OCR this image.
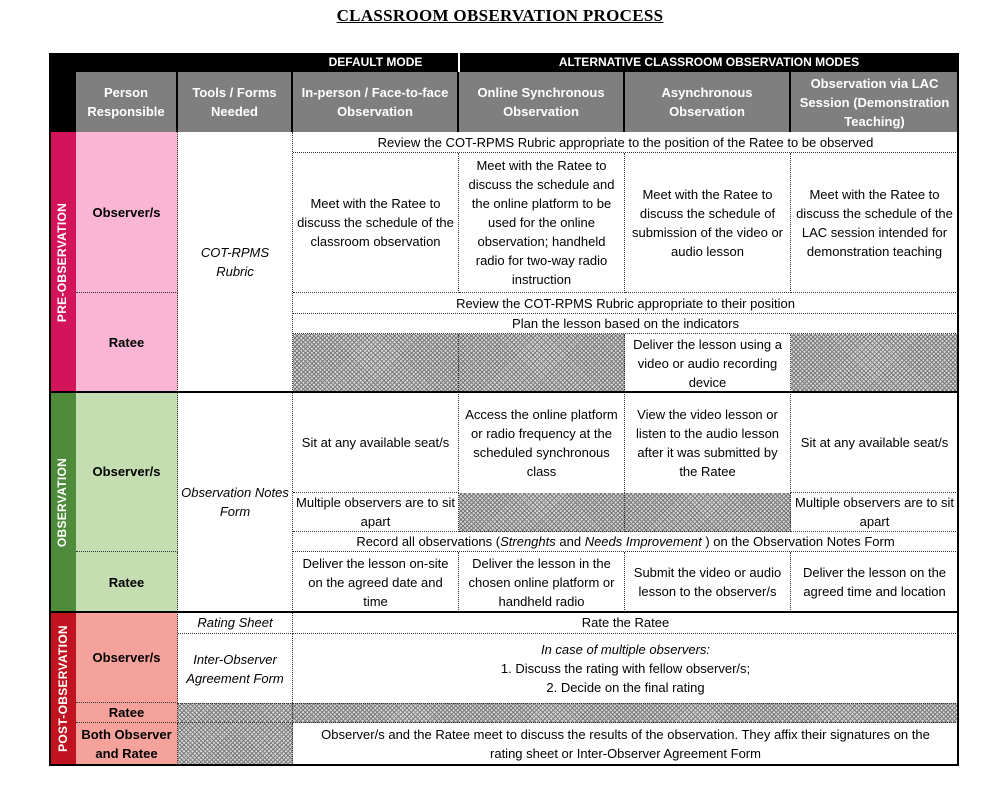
CLASSROOM OBSERVATION PROCESS
DEFAULT MODE	ALTERNATIVE CLASSROOM OBSERVATION MODES
Person Responsible
Tools / Forms Needed
In-person / Face-to-face Observation
Online Synchronous Observation
Asynchronous Observation
Observation via LAC Session (Demonstration Teaching)
PRE-OBSERVATION
OBSERVATION
POST-OBSERVATION
Observer/s
Ratee
Observer/s
Ratee
Observer/s
Ratee
Both Observer and Ratee
COT-RPMS Rubric
Observation Notes Form
Rating Sheet
Inter-Observer Agreement Form
Review the COT-RPMS Rubric appropriate to the position of the Ratee to be observed
Meet with the Ratee to discuss the schedule of the classroom observation
Meet with the Ratee to discuss the schedule and the online platform to be used for the online observation; handheld radio for two-way radio instruction
Meet with the Ratee to discuss the schedule of submission of the video or audio lesson
Meet with the Ratee to discuss the schedule of the LAC session intended for demonstration teaching
Review the COT-RPMS Rubric appropriate to their position
Plan the lesson based on the indicators
Deliver the lesson using a video or audio recording device
Sit at any available seat/s
Access the online platform or radio frequency at the scheduled synchronous class
View the video lesson or listen to the audio lesson after it was submitted by the Ratee
Sit at any available seat/s
Multiple observers are to sit apart
Multiple observers are to sit apart
Record all observations (Strenghts and Needs Improvement ) on the Observation Notes Form
Deliver the lesson on-site on the agreed date and time
Deliver the lesson in the chosen online platform or handheld radio
Submit the video or audio lesson to the observer/s
Deliver the lesson on the agreed time and location
Rate the Ratee
In case of multiple observers:
1. Discuss the rating with fellow observer/s;
2. Decide on the final rating
Observer/s and the Ratee meet to discuss the results of the observation. They affix their signatures on the rating sheet or Inter-Observer Agreement Form
